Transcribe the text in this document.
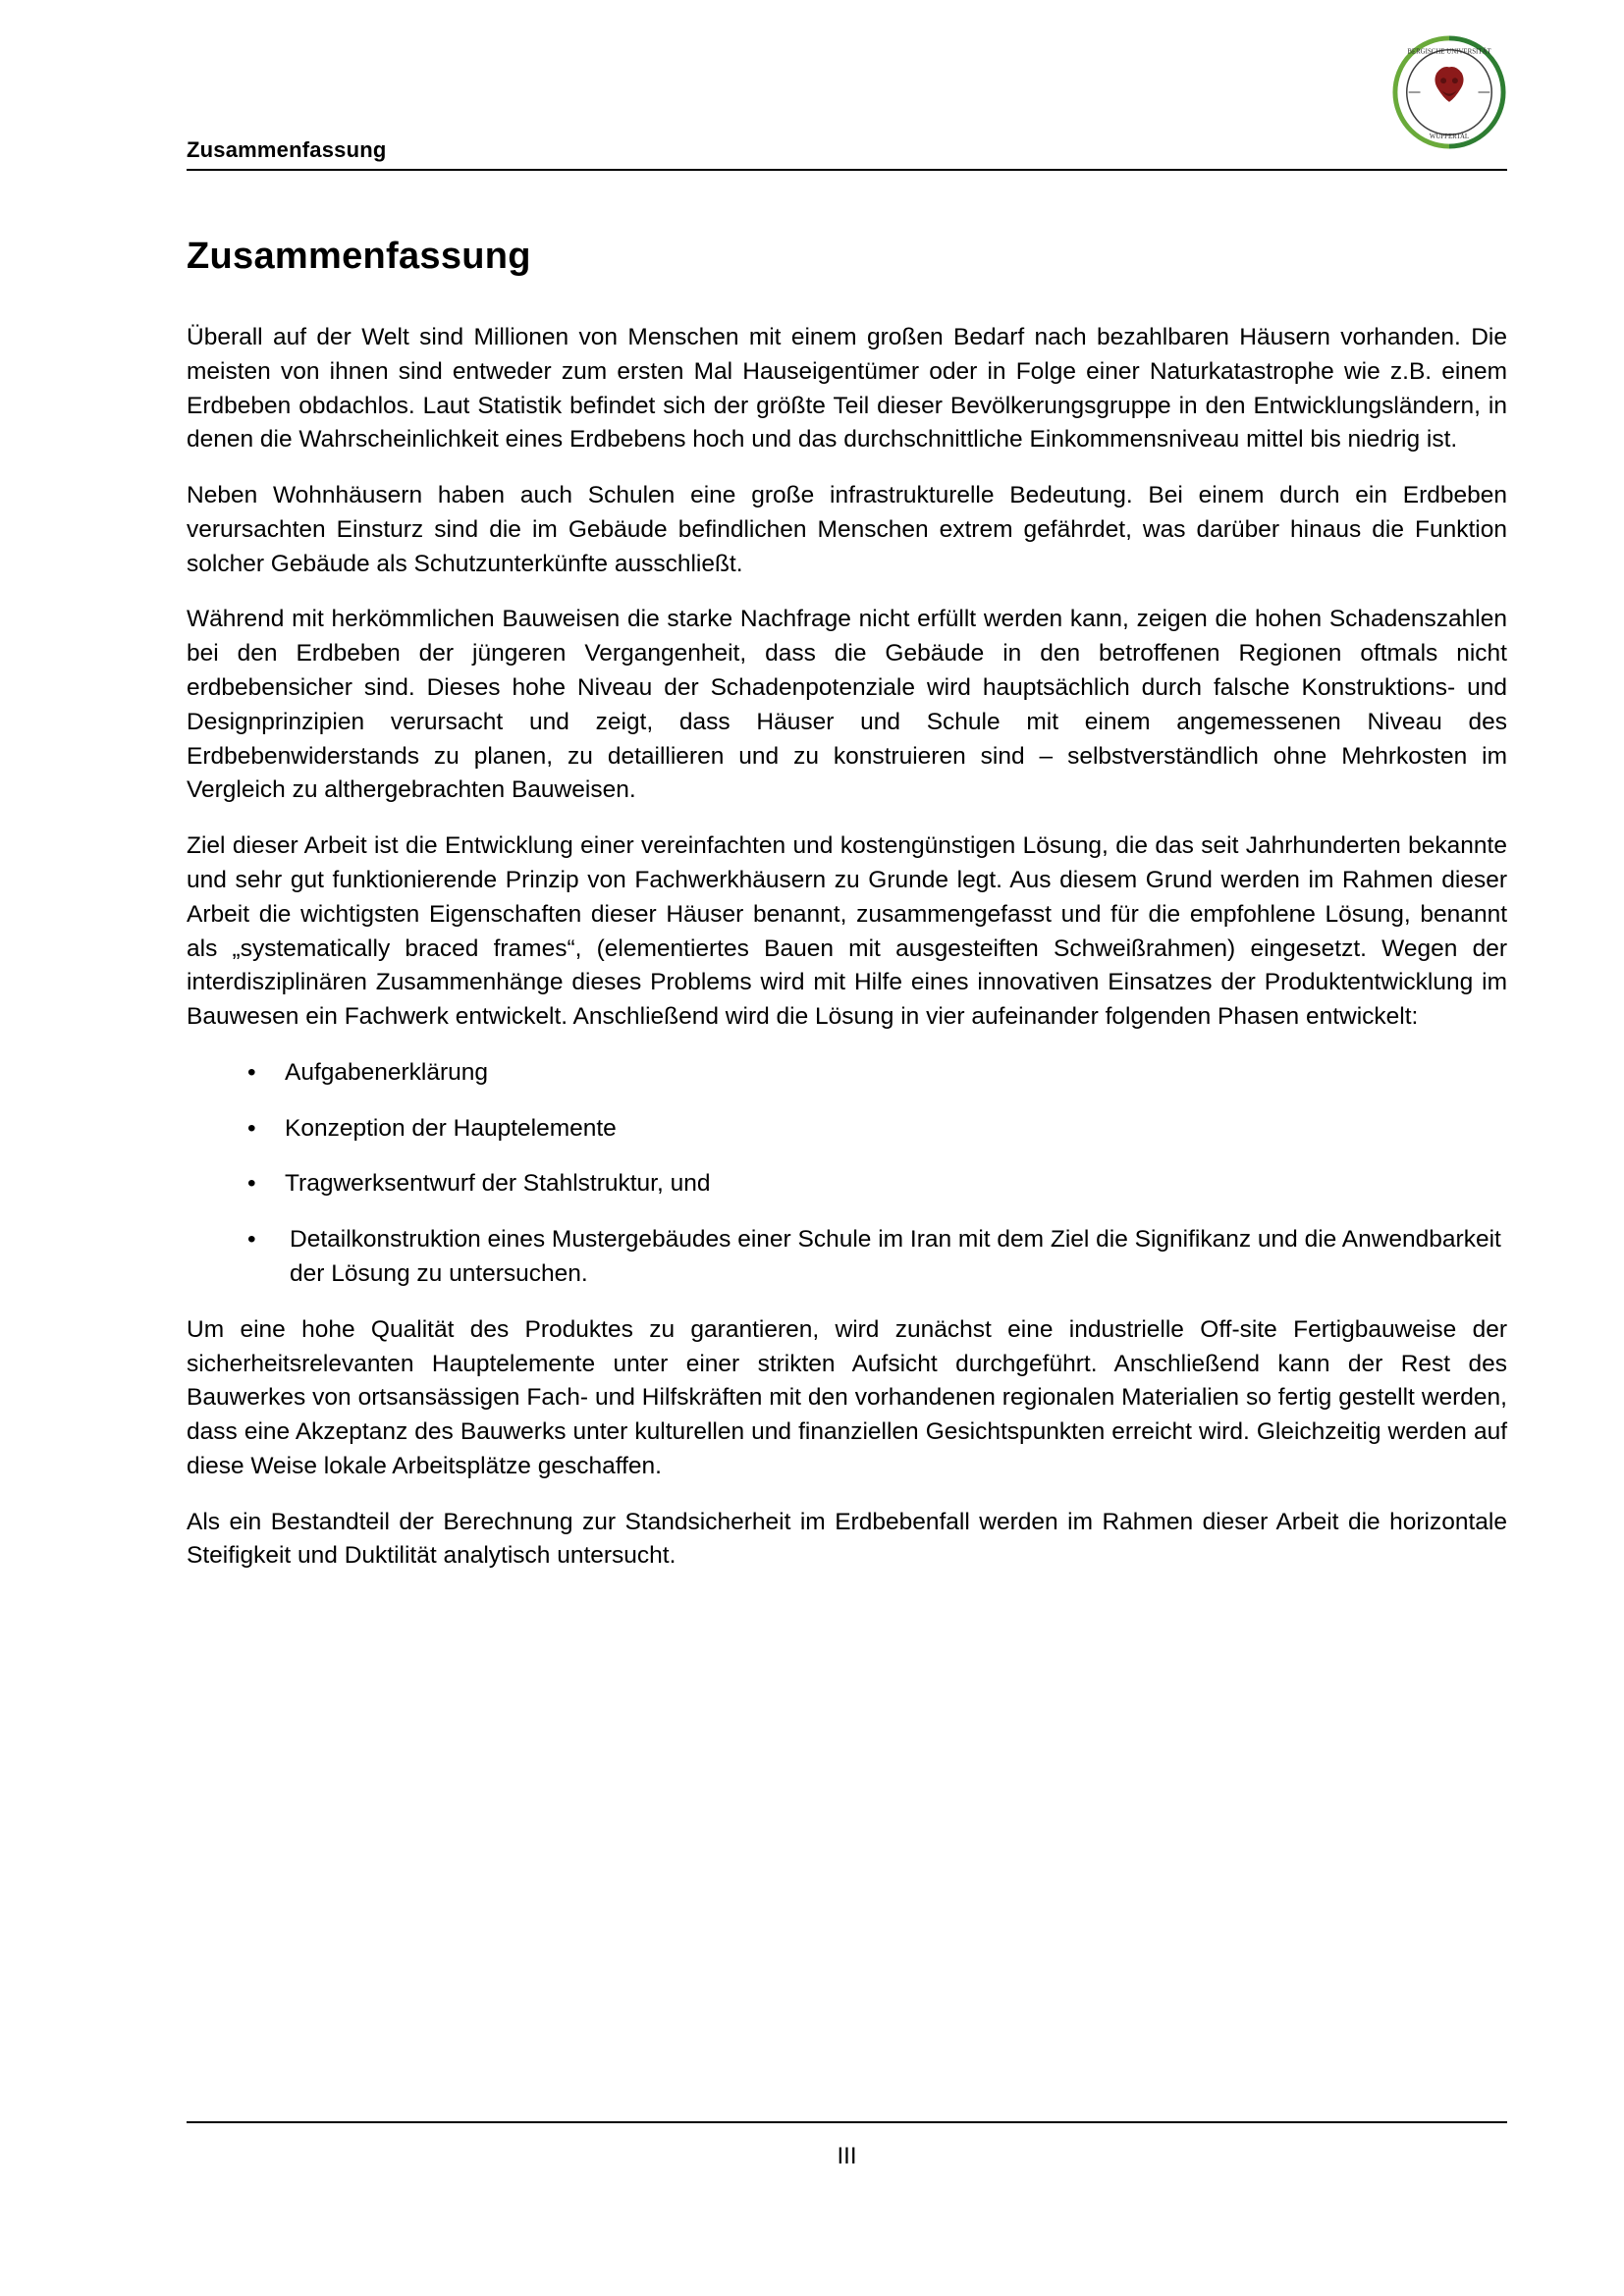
BERGISCHE UNIVERSITÄT
WUPPERTAL
Zusammenfassung
Zusammenfassung

Überall auf der Welt sind Millionen von Menschen mit einem großen Bedarf nach bezahlbaren Häusern vorhanden. Die meisten von ihnen sind entweder zum ersten Mal Hauseigentümer oder in Folge einer Naturkatastrophe wie z.B. einem Erdbeben obdachlos. Laut Statistik befindet sich der größte Teil dieser Bevölkerungsgruppe in den Entwicklungsländern, in denen die Wahrscheinlichkeit eines Erdbebens hoch und das durchschnittliche Einkommensniveau mittel bis niedrig ist.

Neben Wohnhäusern haben auch Schulen eine große infrastrukturelle Bedeutung. Bei einem durch ein Erdbeben verursachten Einsturz sind die im Gebäude befindlichen Menschen extrem gefährdet, was darüber hinaus die Funktion solcher Gebäude als Schutzunterkünfte ausschließt.

Während mit herkömmlichen Bauweisen die starke Nachfrage nicht erfüllt werden kann, zeigen die hohen Schadenszahlen bei den Erdbeben der jüngeren Vergangenheit, dass die Gebäude in den betroffenen Regionen oftmals nicht erdbebensicher sind. Dieses hohe Niveau der Schadenpotenziale wird hauptsächlich durch falsche Konstruktions- und Designprinzipien verursacht und zeigt, dass Häuser und Schule mit einem angemessenen Niveau des Erdbebenwiderstands zu planen, zu detaillieren und zu konstruieren sind – selbstverständlich ohne Mehrkosten im Vergleich zu althergebrachten Bauweisen.

Ziel dieser Arbeit ist die Entwicklung einer vereinfachten und kostengünstigen Lösung, die das seit Jahrhunderten bekannte und sehr gut funktionierende Prinzip von Fachwerkhäusern zu Grunde legt. Aus diesem Grund werden im Rahmen dieser Arbeit die wichtigsten Eigenschaften dieser Häuser benannt, zusammengefasst und für die empfohlene Lösung, benannt als „systematically braced frames“, (elementiertes Bauen mit ausgesteiften Schweißrahmen) eingesetzt. Wegen der interdisziplinären Zusammenhänge dieses Problems wird mit Hilfe eines innovativen Einsatzes der Produktentwicklung im Bauwesen ein Fachwerk entwickelt. Anschließend wird die Lösung in vier aufeinander folgenden Phasen entwickelt:

• Aufgabenerklärung
• Konzeption der Hauptelemente
• Tragwerksentwurf der Stahlstruktur, und
• Detailkonstruktion eines Mustergebäudes einer Schule im Iran mit dem Ziel die Signifikanz und die Anwendbarkeit der Lösung zu untersuchen.

Um eine hohe Qualität des Produktes zu garantieren, wird zunächst eine industrielle Off-site Fertigbauweise der sicherheitsrelevanten Hauptelemente unter einer strikten Aufsicht durchgeführt. Anschließend kann der Rest des Bauwerkes von ortsansässigen Fach- und Hilfskräften mit den vorhandenen regionalen Materialien so fertig gestellt werden, dass eine Akzeptanz des Bauwerks unter kulturellen und finanziellen Gesichtspunkten erreicht wird. Gleichzeitig werden auf diese Weise lokale Arbeitsplätze geschaffen.

Als ein Bestandteil der Berechnung zur Standsicherheit im Erdbebenfall werden im Rahmen dieser Arbeit die horizontale Steifigkeit und Duktilität analytisch untersucht.

III
